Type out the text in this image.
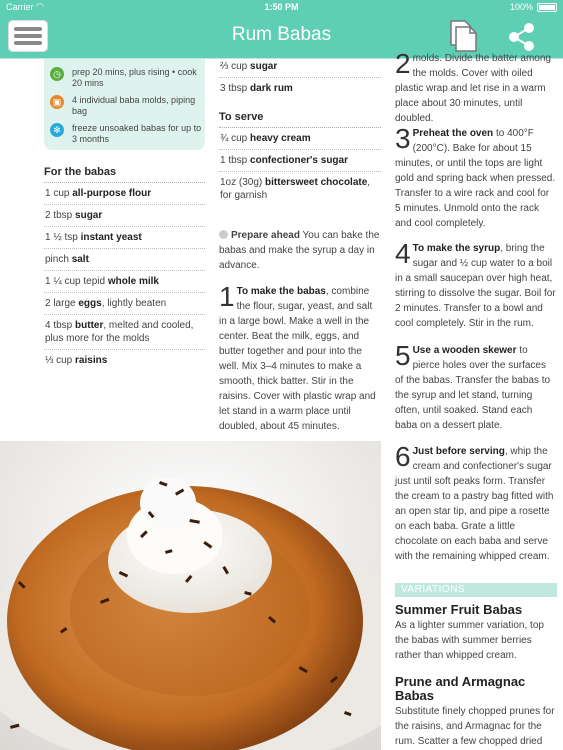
Carrier ◠	1:50 PM	100%
Rum Babas
◷	prep 20 mins, plus rising • cook 20 mins
▣	4 individual baba molds, piping bag
✻	freeze unsoaked babas for up to 3 months
For the babas
1 cup all-purpose flour
2 tbsp sugar
1 ½ tsp instant yeast
pinch salt
1 ¼ cup tepid whole milk
2 large eggs, lightly beaten
4 tbsp butter, melted and cooled, plus more for the molds
⅓ cup raisins
⅔ cup sugar
3 tbsp dark rum
To serve
¾ cup heavy cream
1 tbsp confectioner's sugar
1oz (30g) bittersweet chocolate, for garnish
Prepare ahead You can bake the babas and make the syrup a day in advance.
1 To make the babas, combine the flour, sugar, yeast, and salt in a large bowl. Make a well in the center. Beat the milk, eggs, and butter together and pour into the well. Mix 3–4 minutes to make a smooth, thick batter. Stir in the raisins. Cover with plastic wrap and let stand in a warm place until doubled, about 45 minutes.
2 molds. Divide the batter among the molds. Cover with oiled plastic wrap and let rise in a warm place about 30 minutes, until doubled.
3 Preheat the oven to 400°F (200°C). Bake for about 15 minutes, or until the tops are light gold and spring back when pressed. Transfer to a wire rack and cool for 5 minutes. Unmold onto the rack and cool completely.
4 To make the syrup, bring the sugar and ½ cup water to a boil in a small saucepan over high heat, stirring to dissolve the sugar. Boil for 2 minutes. Transfer to a bowl and cool completely. Stir in the rum.
5 Use a wooden skewer to pierce holes over the surfaces of the babas. Transfer the babas to the syrup and let stand, turning often, until soaked. Stand each baba on a dessert plate.
6 Just before serving, whip the cream and confectioner's sugar just until soft peaks form. Transfer the cream to a pastry bag fitted with an open star tip, and pipe a rosette on each baba. Grate a little chocolate on each baba and serve with the remaining whipped cream.
VARIATIONS
Summer Fruit Babas
As a lighter summer variation, top the babas with summer berries rather than whipped cream.
Prune and Armagnac Babas
Substitute finely chopped prunes for the raisins, and Armagnac for the rum. Scatter a few chopped dried
